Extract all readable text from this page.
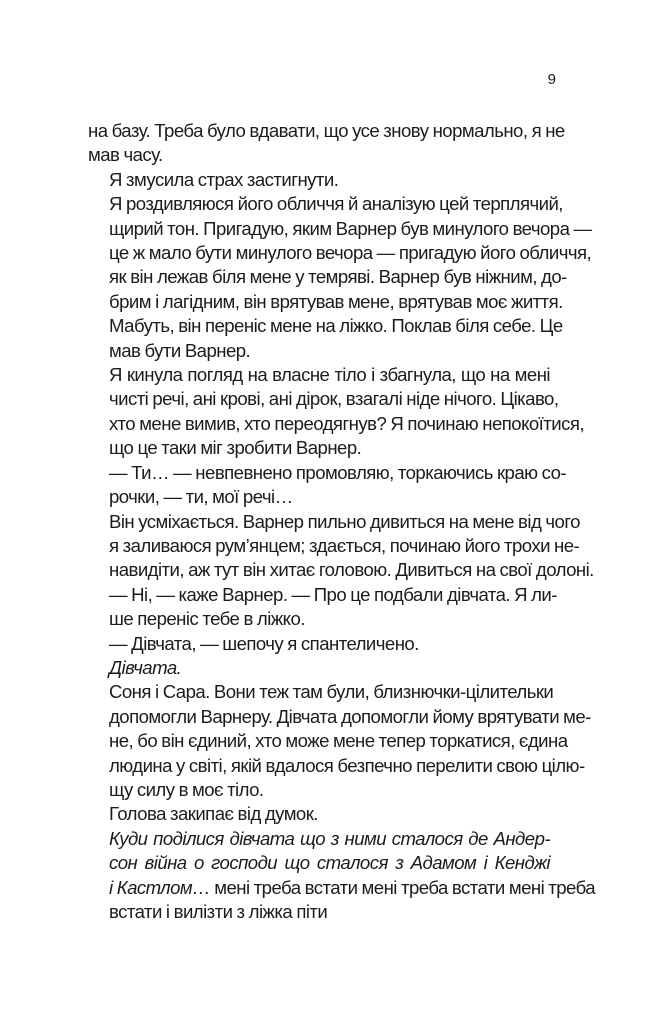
9
на базу. Треба було вдавати, що усе знову нормально, я не
мав часу.
Я змусила страх застигнути.
Я роздивляюся його обличчя й аналізую цей терплячий,
щирий тон. Пригадую, яким Варнер був минулого вечора —
це ж мало бути минулого вечора — пригадую його обличчя,
як він лежав біля мене у темряві. Варнер був ніжним, до-
брим і лагідним, він врятував мене, врятував моє життя.
Мабуть, він переніс мене на ліжко. Поклав біля себе. Це
мав бути Варнер.
Я кинула погляд на власне тіло і збагнула, що на мені
чисті речі, ані крові, ані дірок, взагалі ніде нічого. Цікаво,
хто мене вимив, хто переодягнув? Я починаю непокоїтися,
що це таки міг зробити Варнер.
— Ти… — невпевнено промовляю, торкаючись краю со-
рочки, — ти, мої речі…
Він усміхається. Варнер пильно дивиться на мене від чого
я заливаюся рум’янцем; здається, починаю його трохи не-
навидіти, аж тут він хитає головою. Дивиться на свої долоні.
— Ні, — каже Варнер. — Про це подбали дівчата. Я ли-
ше переніс тебе в ліжко.
— Дівчата, — шепочу я спантеличено.
Дівчата.
Соня і Сара. Вони теж там були, близнючки-цілительки
допомогли Варнеру. Дівчата допомогли йому врятувати ме-
не, бо він єдиний, хто може мене тепер торкатися, єдина
людина у світі, якій вдалося безпечно перелити свою цілю-
щу силу в моє тіло.
Голова закипає від думок.
Куди поділися дівчата що з ними сталося де Андер-
сон війна о господи що сталося з Адамом і Кенджі
і Кастлом… мені треба встати мені треба встати мені треба
встати і вилізти з ліжка піти
